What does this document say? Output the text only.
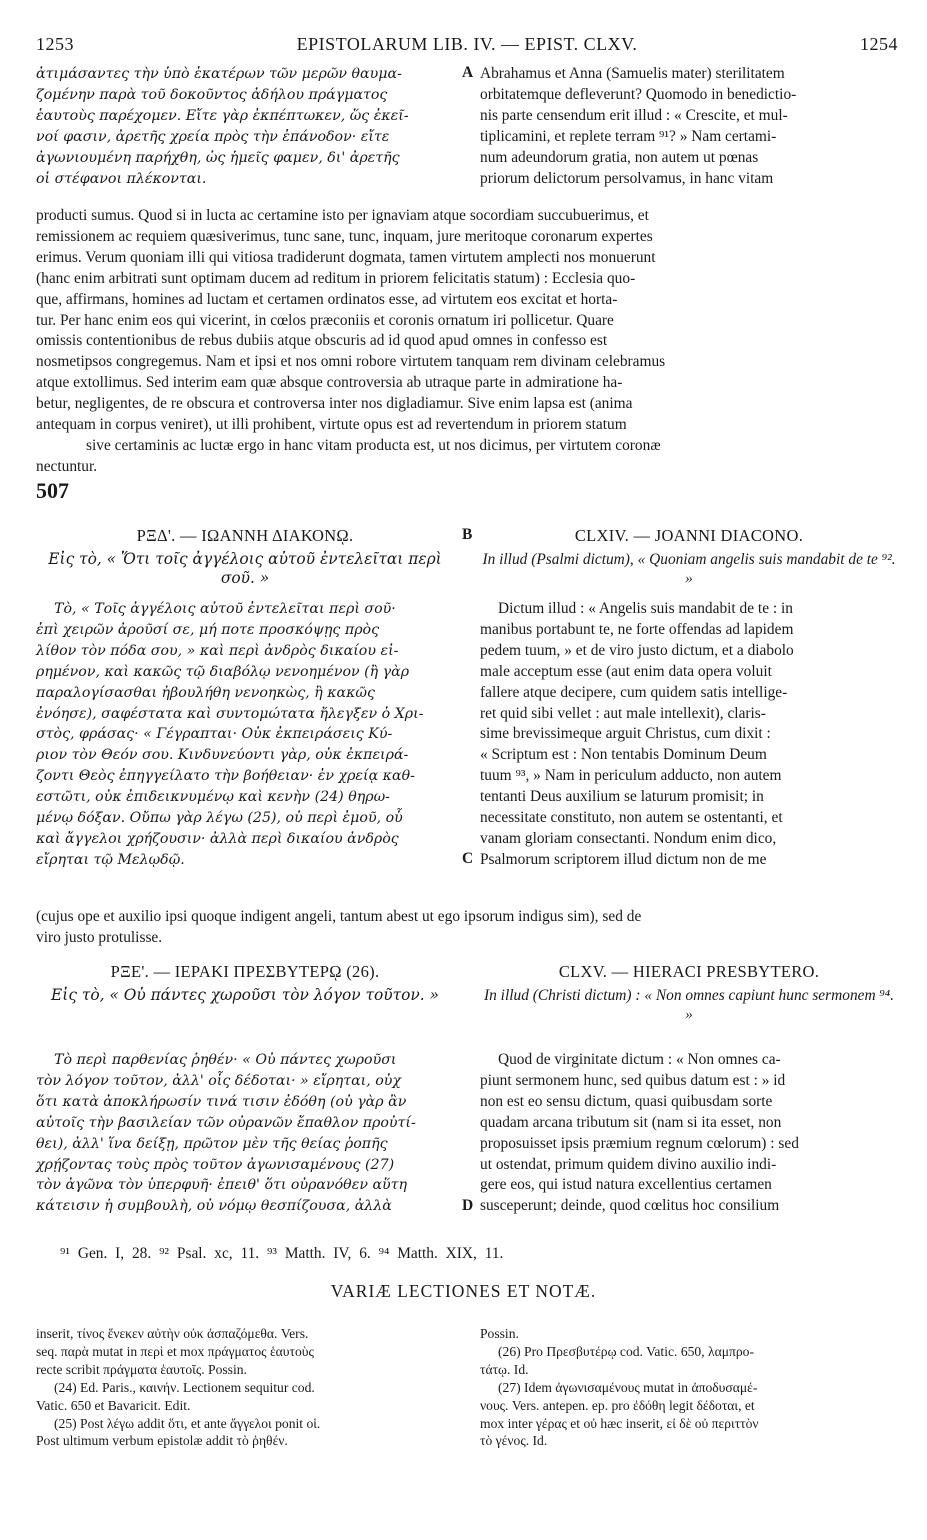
1253	EPISTOLARUM LIB. IV. — EPIST. CLXV.	1254

ἀτιμάσαντες τὴν ὑπὸ ἑκατέρων τῶν μερῶν θαυμα-

ζομένην παρὰ τοῦ δοκοῦντος ἀδήλου πράγματος

ἑαυτοὺς παρέχομεν. Εἴτε γὰρ ἐκπέπτωκεν, ὥς ἐκεῖ-

νοί φασιν, ἀρετῆς χρεία πρὸς τὴν ἐπάνοδον· εἴτε

ἀγωνιουμένη παρήχθη, ὡς ἡμεῖς φαμεν, δι' ἀρετῆς

οἱ στέφανοι πλέκονται.

A Abrahamus et Anna (Samuelis mater) sterilitatem

orbitatemque defleverunt? Quomodo in benedictio-

nis parte censendum erit illud : « Crescite, et mul-

tiplicamini, et replete terram ⁹¹? » Nam certami-

num adeundorum gratia, non autem ut pœnas

priorum delictorum persolvamus, in hanc vitam

producti sumus. Quod si in lucta ac certamine isto per ignaviam atque socordiam succubuerimus, et

remissionem ac requiem quæsiverimus, tunc sane, tunc, inquam, jure meritoque coronarum expertes

erimus. Verum quoniam illi qui vitiosa tradiderunt dogmata, tamen virtutem amplecti nos monuerunt

(hanc enim arbitrati sunt optimam ducem ad reditum in priorem felicitatis statum) : Ecclesia quo-

que, affirmans, homines ad luctam et certamen ordinatos esse, ad virtutem eos excitat et horta-

tur. Per hanc enim eos qui vicerint, in cœlos præconiis et coronis ornatum iri pollicetur. Quare

omissis contentionibus de rebus dubiis atque obscuris ad id quod apud omnes in confesso est

nosmetipsos congregemus. Nam et ipsi et nos omni robore virtutem tanquam rem divinam celebramus

atque extollimus. Sed interim eam quæ absque controversia ab utraque parte in admiratione ha-

betur, negligentes, de re obscura et controversa inter nos digladiamur. Sive enim lapsa est (anima

antequam in corpus veniret), ut illi prohibent, virtute opus est ad revertendum in priorem statum

sive certaminis ac luctæ ergo in hanc vitam producta est, ut nos dicimus, per virtutem coronæ

nectuntur.

507
ΡΞΔ'. — ΙΩΑΝΝΗ ΔΙΑΚΟΝῼ.	B	CLXIV. — JOANNI DIACONO.
Εἰς τὸ, « Ὅτι τοῖς ἀγγέλοις αὐτοῦ ἐντελεῖται περὶ σοῦ. »
In illud (Psalmi dictum), « Quoniam angelis suis mandabit de te ⁹². »

Τὸ, « Τοῖς ἀγγέλοις αὐτοῦ ἐντελεῖται περὶ σοῦ·

ἐπὶ χειρῶν ἀροῦσί σε, μή ποτε προσκόψῃς πρὸς

λίθον τὸν πόδα σου, » καὶ περὶ ἀνδρὸς δικαίου εἰ-

ρημένον, καὶ κακῶς τῷ διαβόλῳ νενοημένον (ἢ γὰρ

παραλογίσασθαι ἠβουλήθη νενοηκὼς, ἢ κακῶς

ἐνόησε), σαφέστατα καὶ συντομώτατα ἤλεγξεν ὁ Χρι-

στὸς, φράσας· « Γέγραπται· Οὐκ ἐκπειράσεις Κύ-

ριον τὸν Θεόν σου. Κινδυνεύοντι γὰρ, οὐκ ἐκπειρά-

ζοντι Θεὸς ἐπηγγείλατο τὴν βοήθειαν· ἐν χρείᾳ καθ-

εστῶτι, οὐκ ἐπιδεικνυμένῳ καὶ κενὴν (24) θηρω-

μένῳ δόξαν. Οὔπω γὰρ λέγω (25), οὐ περὶ ἐμοῦ, οὗ

καὶ ἄγγελοι χρήζουσιν· ἀλλὰ περὶ δικαίου ἀνδρὸς

εἴρηται τῷ Μελῳδῷ.

Dictum illud : « Angelis suis mandabit de te : in

manibus portabunt te, ne forte offendas ad lapidem

pedem tuum, » et de viro justo dictum, et a diabolo

male acceptum esse (aut enim data opera voluit

fallere atque decipere, cum quidem satis intellige-

ret quid sibi vellet : aut male intellexit), claris-

sime brevissimeque arguit Christus, cum dixit :

« Scriptum est : Non tentabis Dominum Deum

tuum ⁹³, » Nam in periculum adducto, non autem

tentanti Deus auxilium se laturum promisit; in

necessitate constituto, non autem se ostentanti, et

vanam gloriam consectanti. Nondum enim dico,

Psalmorum scriptorem illud dictum non de me

C

(cujus ope et auxilio ipsi quoque indigent angeli, tantum abest ut ego ipsorum indigus sim), sed de

viro justo protulisse.

ΡΞΕ'. — ΙΕΡΑΚΙ ΠΡΕΣΒΥΤΕΡῼ (26).	CLXV. — HIERACI PRESBYTERO.
Εἰς τὸ, « Οὐ πάντες χωροῦσι τὸν λόγον τοῦτον. »	In illud (Christi dictum) : « Non omnes capiunt hunc sermonem ⁹⁴. »

Τὸ περὶ παρθενίας ῥηθέν· « Οὐ πάντες χωροῦσι

τὸν λόγον τοῦτον, ἀλλ' οἷς δέδοται· » εἴρηται, οὐχ

ὅτι κατὰ ἀποκλήρωσίν τινά τισιν ἐδόθη (οὐ γὰρ ἂν

αὐτοῖς τὴν βασιλείαν τῶν οὐρανῶν ἔπαθλον προὐτί-

θει), ἀλλ' ἵνα δείξῃ, πρῶτον μὲν τῆς θείας ῥοπῆς

χρῄζοντας τοὺς πρὸς τοῦτον ἀγωνισαμένους (27)

τὸν ἀγῶνα τὸν ὑπερφυῆ· ἐπειθ' ὅτι οὐρανόθεν αὕτη

κάτεισιν ἡ συμβουλὴ, οὐ νόμῳ θεσπίζουσα, ἀλλὰ

Quod de virginitate dictum : « Non omnes ca-

piunt sermonem hunc, sed quibus datum est : » id

non est eo sensu dictum, quasi quibusdam sorte

quadam arcana tributum sit (nam si ita esset, non

proposuisset ipsis præmium regnum cœlorum) : sed

ut ostendat, primum quidem divino auxilio indi-

gere eos, qui istud natura excellentius certamen

susceperunt; deinde, quod cœlitus hoc consilium

D
⁹¹ Gen. I, 28. ⁹² Psal. xc, 11. ⁹³ Matth. IV, 6. ⁹⁴ Matth. XIX, 11.
VARIÆ LECTIONES ET NOTÆ.

inserit, τίνος ἕνεκεν αὐτὴν οὐκ ἀσπαζόμεθα. Vers.

seq. παρὰ mutat in περὶ et mox πράγματος ἑαυτοὺς

recte scribit πράγματα ἑαυτοῖς. Possin.

(24) Ed. Paris., καινήν. Lectionem sequitur cod.

Vatic. 650 et Bavaricit. Edit.

(25) Post λέγω addit ὅτι, et ante ἄγγελοι ponit οἱ.

Post ultimum verbum epistolæ addit τὸ ῥηθέν.

Possin.

(26) Pro Πρεσβυτέρῳ cod. Vatic. 650, λαμπρο-

τάτῳ. Id.

(27) Idem ἀγωνισαμένους mutat in ἀποδυσαμέ-

νους. Vers. antepen. ep. pro ἐδόθη legit δέδοται, et

mox inter γέρας et οὐ hæc inserit, εἰ δὲ οὐ περιττὸν

τὸ γένος. Id.
